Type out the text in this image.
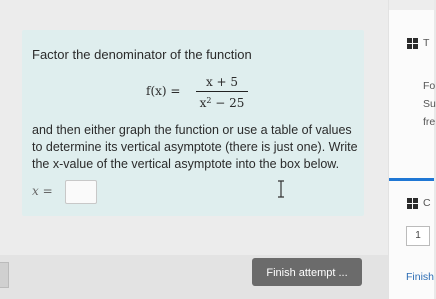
Factor the denominator of the function
f(x) =
x + 5
$x^2 - 25$
and then either graph the function or use a table of values to determine its vertical asymptote (there is just one). Write the x-value of the vertical asymptote into the box below.
x =
Finish attempt ...
T
Fo
Su
fre
C
1
Finish
